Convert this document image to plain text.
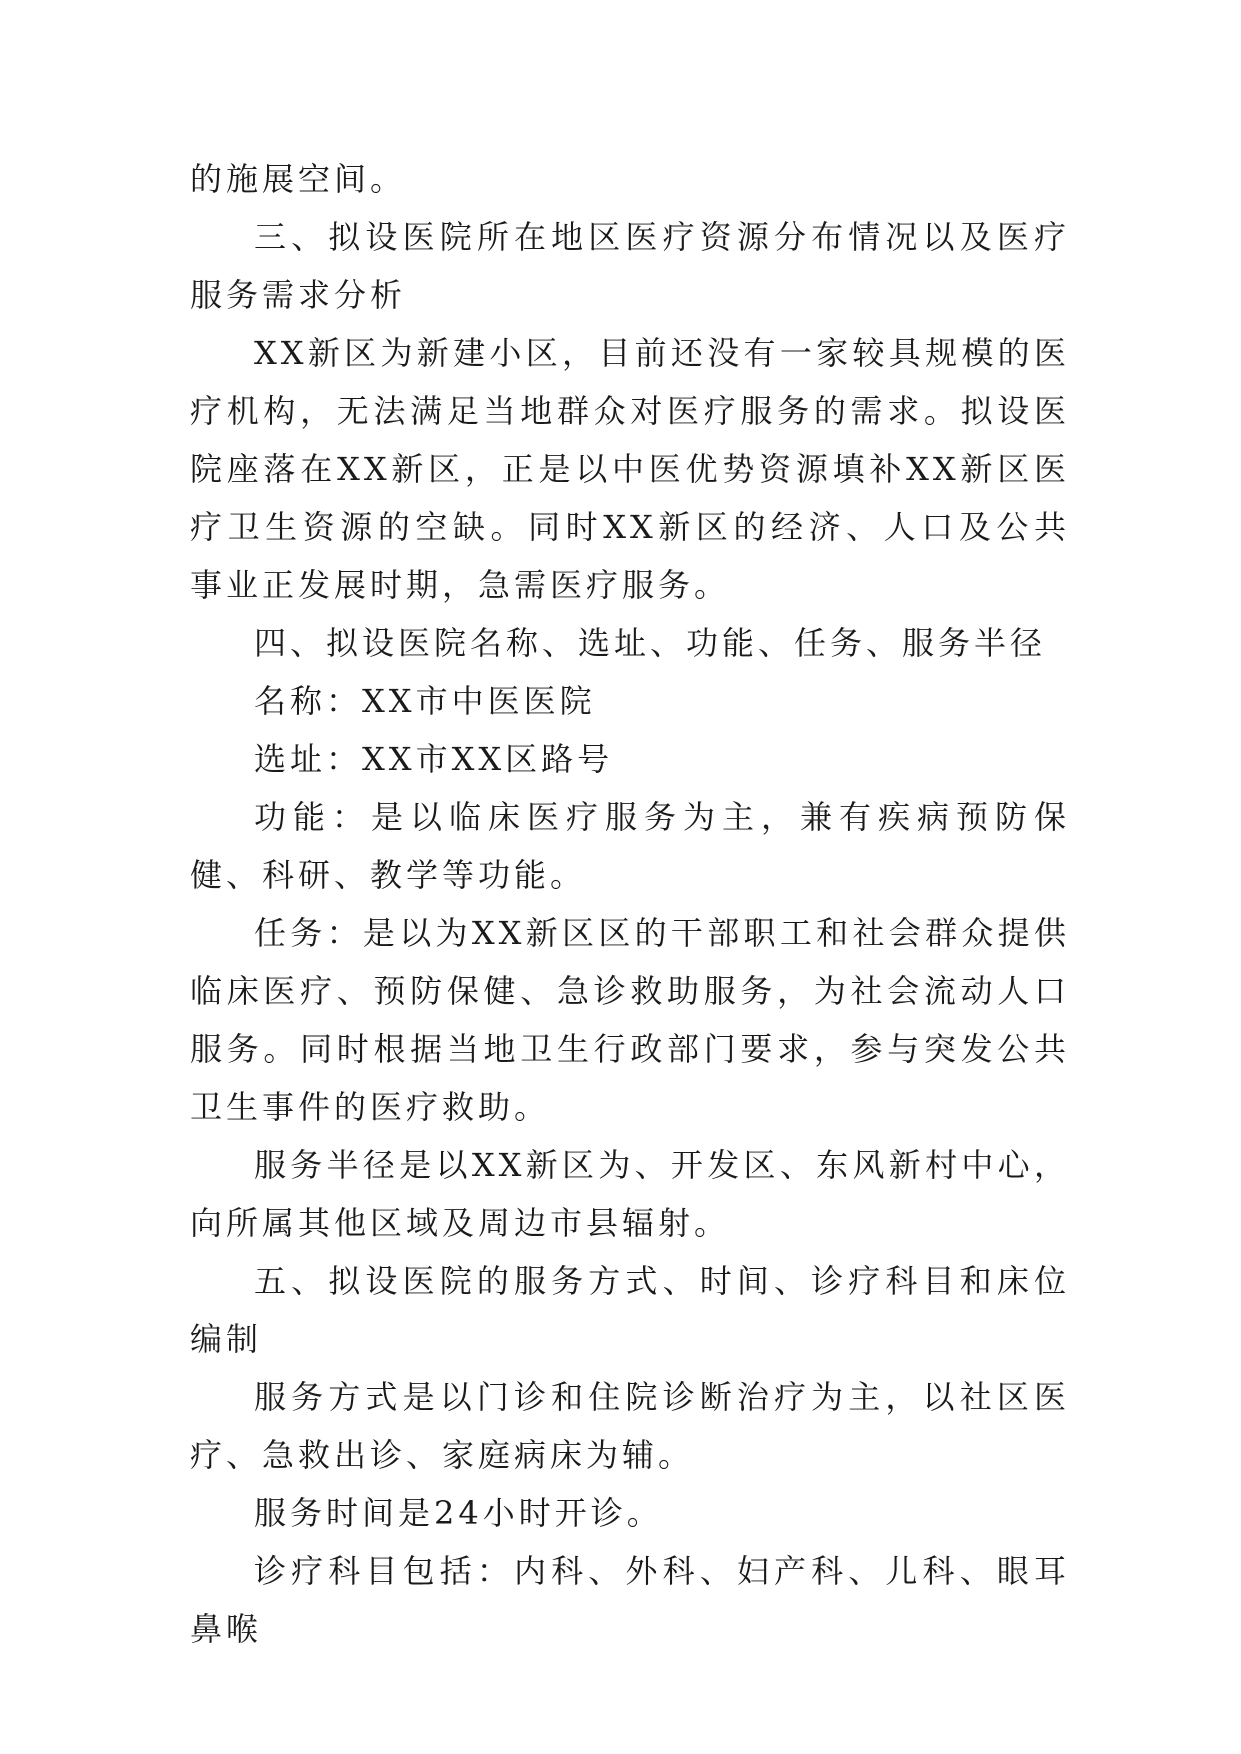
的施展空间。

三、拟设医院所在地区医疗资源分布情况以及医疗服务需求分析

XX新区为新建小区，目前还没有一家较具规模的医疗机构，无法满足当地群众对医疗服务的需求。拟设医院座落在XX新区，正是以中医优势资源填补XX新区医疗卫生资源的空缺。同时XX新区的经济、人口及公共事业正发展时期，急需医疗服务。

四、拟设医院名称、选址、功能、任务、服务半径

名称：XX市中医医院

选址：XX市XX区路号

功能：是以临床医疗服务为主，兼有疾病预防保健、科研、教学等功能。

任务：是以为XX新区区的干部职工和社会群众提供临床医疗、预防保健、急诊救助服务，为社会流动人口服务。同时根据当地卫生行政部门要求，参与突发公共卫生事件的医疗救助。

服务半径是以XX新区为、开发区、东风新村中心，向所属其他区域及周边市县辐射。

五、拟设医院的服务方式、时间、诊疗科目和床位编制

服务方式是以门诊和住院诊断治疗为主，以社区医疗、急救出诊、家庭病床为辅。

服务时间是24小时开诊。

诊疗科目包括：内科、外科、妇产科、儿科、眼耳鼻喉
